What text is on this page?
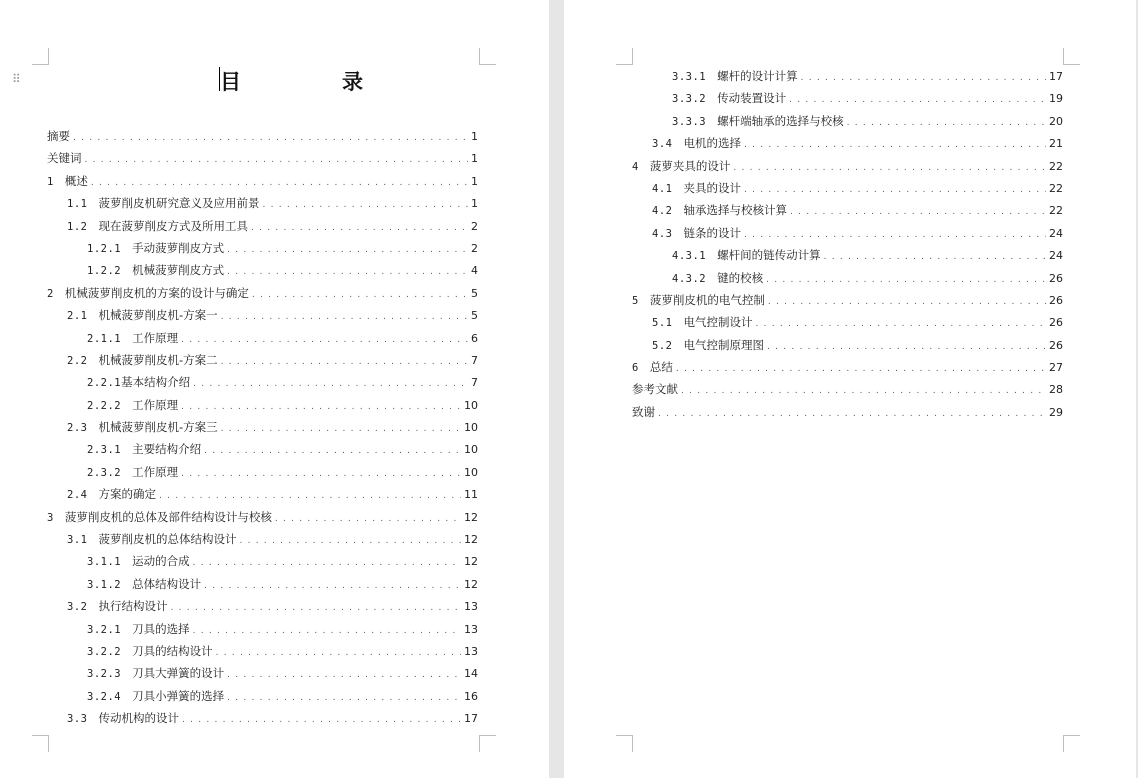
⠿	目　录
摘要 . . .	1
关键词 . . .	1
1 概述 . . .	1
1.1 菠萝削皮机研究意义及应用前景 . . .	1
1.2 现在菠萝削皮方式及所用工具 . . .	2
1.2.1 手动菠萝削皮方式 . . .	2
1.2.2 机械菠萝削皮方式 . . .	4
2 机械菠萝削皮机的方案的设计与确定 . . .	5
2.1 机械菠萝削皮机-方案一 . . .	5
2.1.1 工作原理 . . .	6
2.2 机械菠萝削皮机-方案二 . . .	7
2.2.1 基本结构介绍 . . .	7
2.2.2 工作原理 . . .	10
2.3 机械菠萝削皮机-方案三 . . .	10
2.3.1 主要结构介绍 . . .	10
2.3.2 工作原理 . . .	10
2.4 方案的确定 . . .	11
3 菠萝削皮机的总体及部件结构设计与校核 . . .	12
3.1 菠萝削皮机的总体结构设计 . . .	12
3.1.1 运动的合成 . . .	12
3.1.2 总体结构设计 . . .	12
3.2 执行结构设计 . . .	13
3.2.1 刀具的选择 . . .	13
3.2.2 刀具的结构设计 . . .	13
3.2.3 刀具大弹簧的设计 . . .	14
3.2.4 刀具小弹簧的选择 . . .	16
3.3 传动机构的设计 . . .	17
3.3.1 螺杆的设计计算 . . .	17
3.3.2 传动装置设计 . . .	19
3.3.3 螺杆端轴承的选择与校核 . . .	20
3.4 电机的选择 . . .	21
4 菠萝夹具的设计 . . .	22
4.1 夹具的设计 . . .	22
4.2 轴承选择与校核计算 . . .	22
4.3 链条的设计 . . .	24
4.3.1 螺杆间的链传动计算 . . .	24
4.3.2 键的校核 . . .	26
5 菠萝削皮机的电气控制 . . .	26
5.1 电气控制设计 . . .	26
5.2 电气控制原理图 . . .	26
6 总结 . . .	27
参考文献 . . .	28
致谢 . . .	29
